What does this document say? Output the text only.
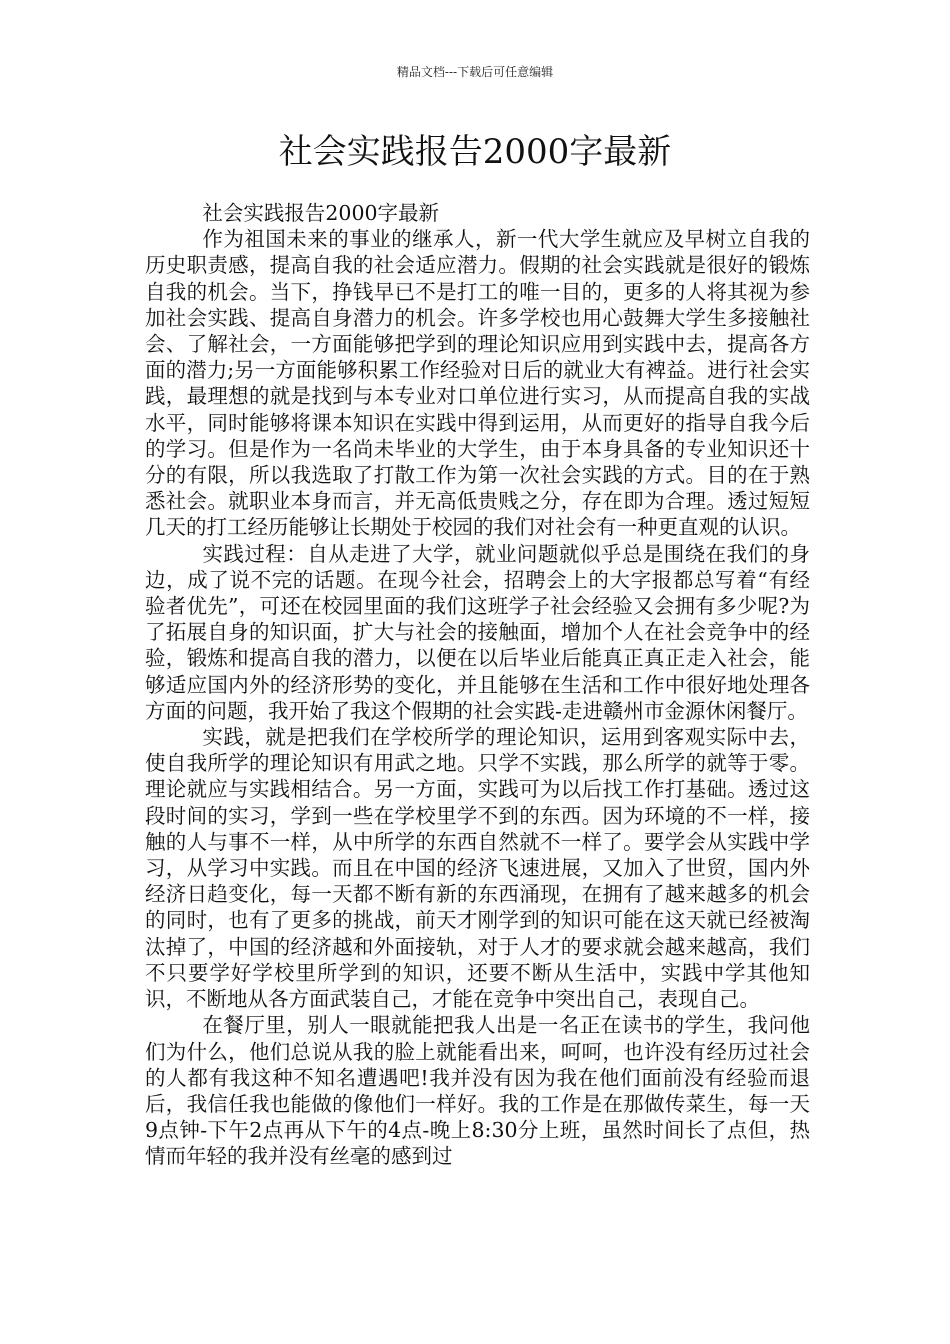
精品文档---下载后可任意编辑
社会实践报告2000字最新

社会实践报告2000字最新

作为祖国未来的事业的继承人，新一代大学生就应及早树立自我的历史职责感，提高自我的社会适应潜力。假期的社会实践就是很好的锻炼自我的机会。当下，挣钱早已不是打工的唯一目的，更多的人将其视为参加社会实践、提高自身潜力的机会。许多学校也用心鼓舞大学生多接触社会、了解社会，一方面能够把学到的理论知识应用到实践中去，提高各方面的潜力;另一方面能够积累工作经验对日后的就业大有裨益。进行社会实践，最理想的就是找到与本专业对口单位进行实习，从而提高自我的实战水平，同时能够将课本知识在实践中得到运用，从而更好的指导自我今后的学习。但是作为一名尚未毕业的大学生，由于本身具备的专业知识还十分的有限，所以我选取了打散工作为第一次社会实践的方式。目的在于熟悉社会。就职业本身而言，并无高低贵贱之分，存在即为合理。透过短短几天的打工经历能够让长期处于校园的我们对社会有一种更直观的认识。

实践过程：自从走进了大学，就业问题就似乎总是围绕在我们的身边，成了说不完的话题。在现今社会，招聘会上的大字报都总写着“有经验者优先”，可还在校园里面的我们这班学子社会经验又会拥有多少呢?为了拓展自身的知识面，扩大与社会的接触面，增加个人在社会竞争中的经验，锻炼和提高自我的潜力，以便在以后毕业后能真正真正走入社会，能够适应国内外的经济形势的变化，并且能够在生活和工作中很好地处理各方面的问题，我开始了我这个假期的社会实践-走进赣州市金源休闲餐厅。

实践，就是把我们在学校所学的理论知识，运用到客观实际中去，使自我所学的理论知识有用武之地。只学不实践，那么所学的就等于零。理论就应与实践相结合。另一方面，实践可为以后找工作打基础。透过这段时间的实习，学到一些在学校里学不到的东西。因为环境的不一样，接触的人与事不一样，从中所学的东西自然就不一样了。要学会从实践中学习，从学习中实践。而且在中国的经济飞速进展，又加入了世贸，国内外经济日趋变化，每一天都不断有新的东西涌现，在拥有了越来越多的机会的同时，也有了更多的挑战，前天才刚学到的知识可能在这天就已经被淘汰掉了，中国的经济越和外面接轨，对于人才的要求就会越来越高，我们不只要学好学校里所学到的知识，还要不断从生活中，实践中学其他知识，不断地从各方面武装自己，才能在竞争中突出自己，表现自己。

在餐厅里，别人一眼就能把我人出是一名正在读书的学生，我问他们为什么，他们总说从我的脸上就能看出来，呵呵，也许没有经历过社会的人都有我这种不知名遭遇吧!我并没有因为我在他们面前没有经验而退后，我信任我也能做的像他们一样好。我的工作是在那做传菜生，每一天9点钟-下午2点再从下午的4点-晚上8:30分上班，虽然时间长了点但，热情而年轻的我并没有丝毫的感到过
